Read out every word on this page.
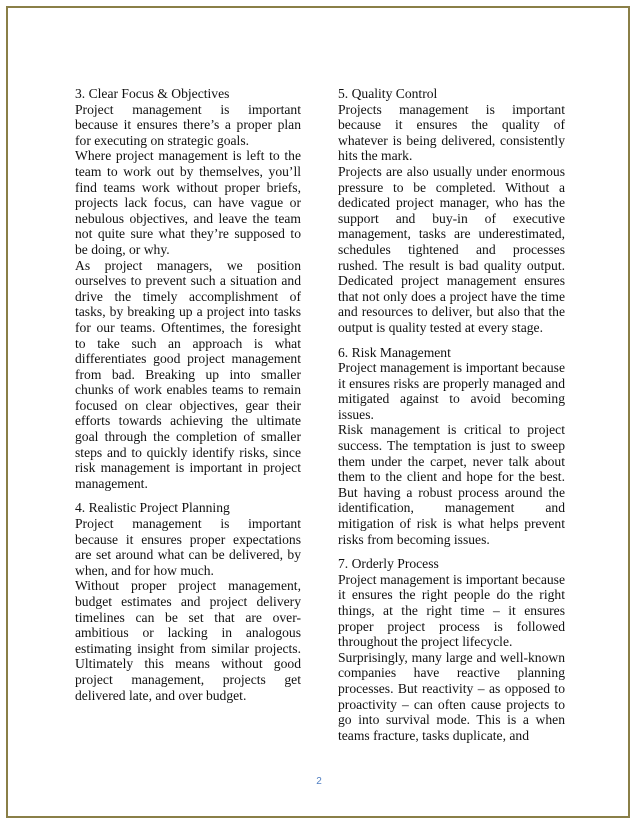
3. Clear Focus & Objectives

Project management is important because it ensures there’s a proper plan for executing on strategic goals.

Where project management is left to the team to work out by themselves, you’ll find teams work without proper briefs, projects lack focus, can have vague or nebulous objectives, and leave the team not quite sure what they’re supposed to be doing, or why.

As project managers, we position ourselves to prevent such a situation and drive the timely accomplishment of tasks, by breaking up a project into tasks for our teams. Oftentimes, the foresight to take such an approach is what differentiates good project management from bad. Breaking up into smaller chunks of work enables teams to remain focused on clear objectives, gear their efforts towards achieving the ultimate goal through the completion of smaller steps and to quickly identify risks, since risk management is important in project management.

4. Realistic Project Planning

Project management is important because it ensures proper expectations are set around what can be delivered, by when, and for how much.

Without proper project management, budget estimates and project delivery timelines can be set that are over-ambitious or lacking in analogous estimating insight from similar projects. Ultimately this means without good project management, projects get delivered late, and over budget.

5. Quality Control

Projects management is important because it ensures the quality of whatever is being delivered, consistently hits the mark.

Projects are also usually under enormous pressure to be completed. Without a dedicated project manager, who has the support and buy-in of executive management, tasks are underestimated, schedules tightened and processes rushed. The result is bad quality output. Dedicated project management ensures that not only does a project have the time and resources to deliver, but also that the output is quality tested at every stage.

6. Risk Management

Project management is important because it ensures risks are properly managed and mitigated against to avoid becoming issues.

Risk management is critical to project success. The temptation is just to sweep them under the carpet, never talk about them to the client and hope for the best. But having a robust process around the identification, management and mitigation of risk is what helps prevent risks from becoming issues.

7. Orderly Process

Project management is important because it ensures the right people do the right things, at the right time – it ensures proper project process is followed throughout the project lifecycle.

Surprisingly, many large and well-known companies have reactive planning processes. But reactivity – as opposed to proactivity – can often cause projects to go into survival mode. This is a when teams fracture, tasks duplicate, and

2
